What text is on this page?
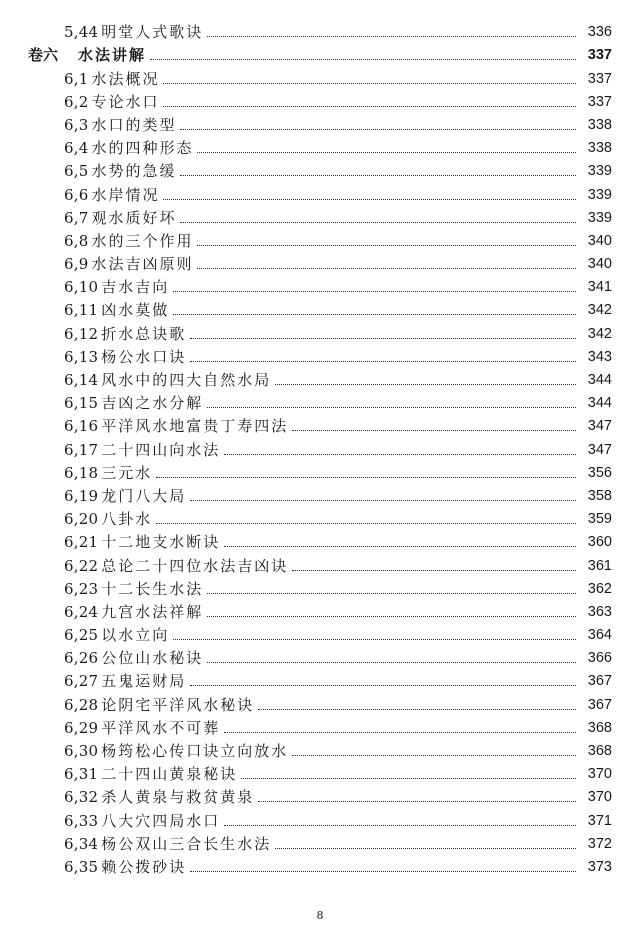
5,44 明堂人式歌诀	336
卷六 水法讲解	337
6,1 水法概况	337
6,2 专论水口	337
6,3 水口的类型	338
6,4 水的四种形态	338
6,5 水势的急缓	339
6,6 水岸情况	339
6,7 观水质好坏	339
6,8 水的三个作用	340
6,9 水法吉凶原则	340
6,10 吉水吉向	341
6,11 凶水莫做	342
6,12 折水总诀歌	342
6,13 杨公水口诀	343
6,14 风水中的四大自然水局	344
6,15 吉凶之水分解	344
6,16 平洋风水地富贵丁寿四法	347
6,17 二十四山向水法	347
6,18 三元水	356
6,19 龙门八大局	358
6,20 八卦水	359
6,21 十二地支水断诀	360
6,22 总论二十四位水法吉凶诀	361
6,23 十二长生水法	362
6,24 九宫水法祥解	363
6,25 以水立向	364
6,26 公位山水秘诀	366
6,27 五鬼运财局	367
6,28 论阴宅平洋风水秘诀	367
6,29 平洋风水不可葬	368
6,30 杨筠松心传口诀立向放水	368
6,31 二十四山黄泉秘诀	370
6,32 杀人黄泉与救贫黄泉	370
6,33 八大穴四局水口	371
6,34 杨公双山三合长生水法	372
6,35 赖公拨砂诀	373
8
